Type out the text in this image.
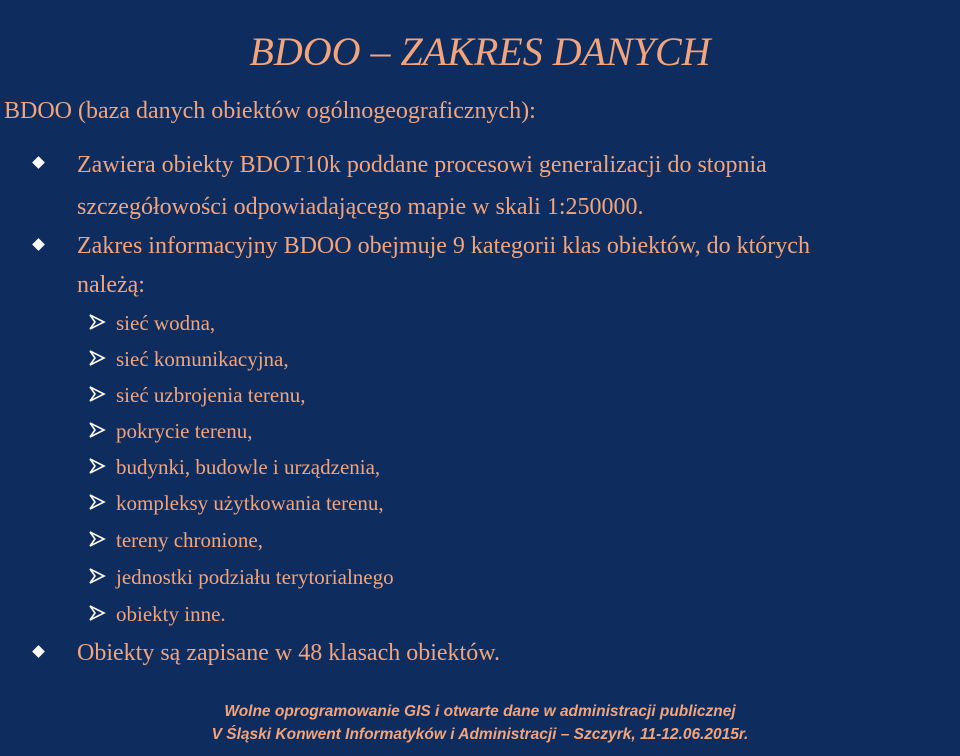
BDOO – ZAKRES DANYCH
BDOO (baza danych obiektów ogólnogeograficznych):
Zawiera obiekty BDOT10k poddane procesowi generalizacji do stopnia
szczegółowości odpowiadającego mapie w skali 1:250000.
Zakres informacyjny BDOO obejmuje 9 kategorii klas obiektów, do których
należą:
sieć wodna,
sieć komunikacyjna,
sieć uzbrojenia terenu,
pokrycie terenu,
budynki, budowle i urządzenia,
kompleksy użytkowania terenu,
tereny chronione,
jednostki podziału terytorialnego
obiekty inne.
Obiekty są zapisane w 48 klasach obiektów.
Wolne oprogramowanie GIS i otwarte dane w administracji publicznej
V Śląski Konwent Informatyków i Administracji – Szczyrk, 11-12.06.2015r.
